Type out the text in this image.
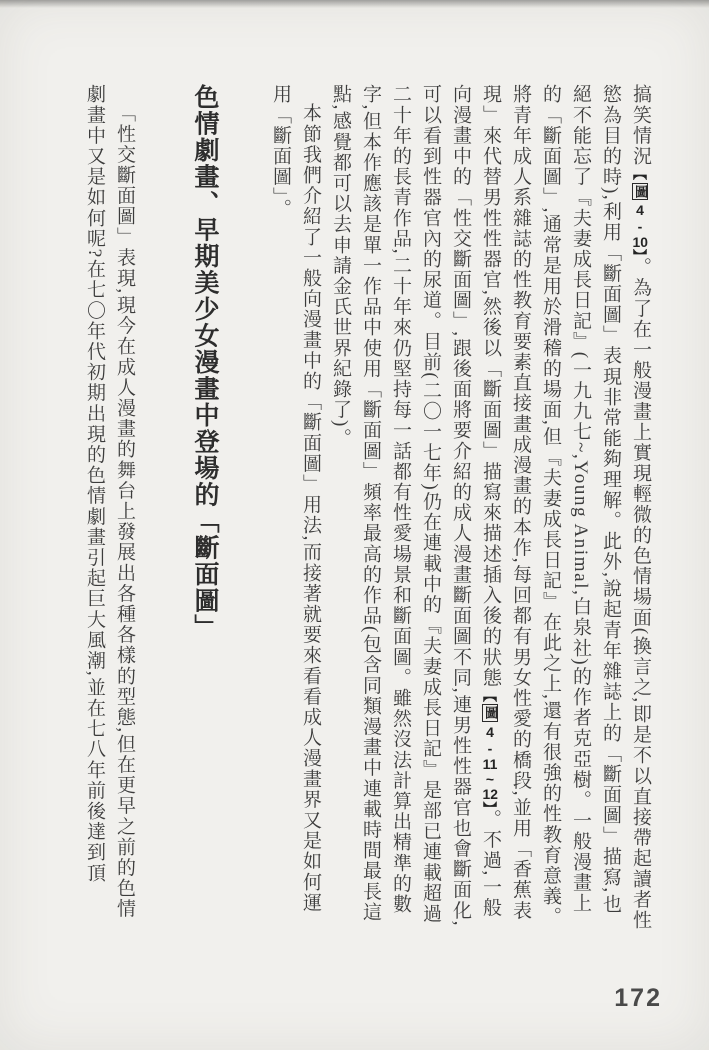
搞笑情況【圖4-10】。為了在一般漫畫上實現輕微的色情場面(換言之,即是不以直接帶起讀者性慾為目的時),利用「斷面圖」表現非常能夠理解。此外,說起青年雜誌上的「斷面圖」描寫,也絕不能忘了『夫妻成長日記』(一九九七~,Young Animal,白泉社)的作者克亞樹。一般漫畫上的「斷面圖」,通常是用於滑稽的場面,但『夫妻成長日記』在此之上,還有很強的性教育意義。將青年成人系雜誌的性教育要素直接畫成漫畫的本作,每回都有男女性愛的橋段,並用「香蕉表現」來代替男性性器官,然後以「斷面圖」描寫來描述插入後的狀態【圖4-11~12】。不過,一般向漫畫中的「性交斷面圖」,跟後面將要介紹的成人漫畫斷面圖不同,連男性性器官也會斷面化,可以看到性器官內的尿道。目前(二〇一七年)仍在連載中的『夫妻成長日記』是部已連載超過二十年的長青作品,二十年來仍堅持每一話都有性愛場景和斷面圖。雖然沒法計算出精準的數字,但本作應該是單一作品中使用「斷面圖」頻率最高的作品(包含同類漫畫中連載時間最長這點,感覺都可以去申請金氏世界紀錄了)。

本節我們介紹了一般向漫畫中的「斷面圖」用法,而接著就要來看看成人漫畫界又是如何運用「斷面圖」。

色情劇畫、早期美少女漫畫中登場的「斷面圖」

「性交斷面圖」表現,現今在成人漫畫的舞台上發展出各種各樣的型態,但在更早之前的色情劇畫中又是如何呢?在七〇年代初期出現的色情劇畫引起巨大風潮,並在七八年前後達到頂

172
